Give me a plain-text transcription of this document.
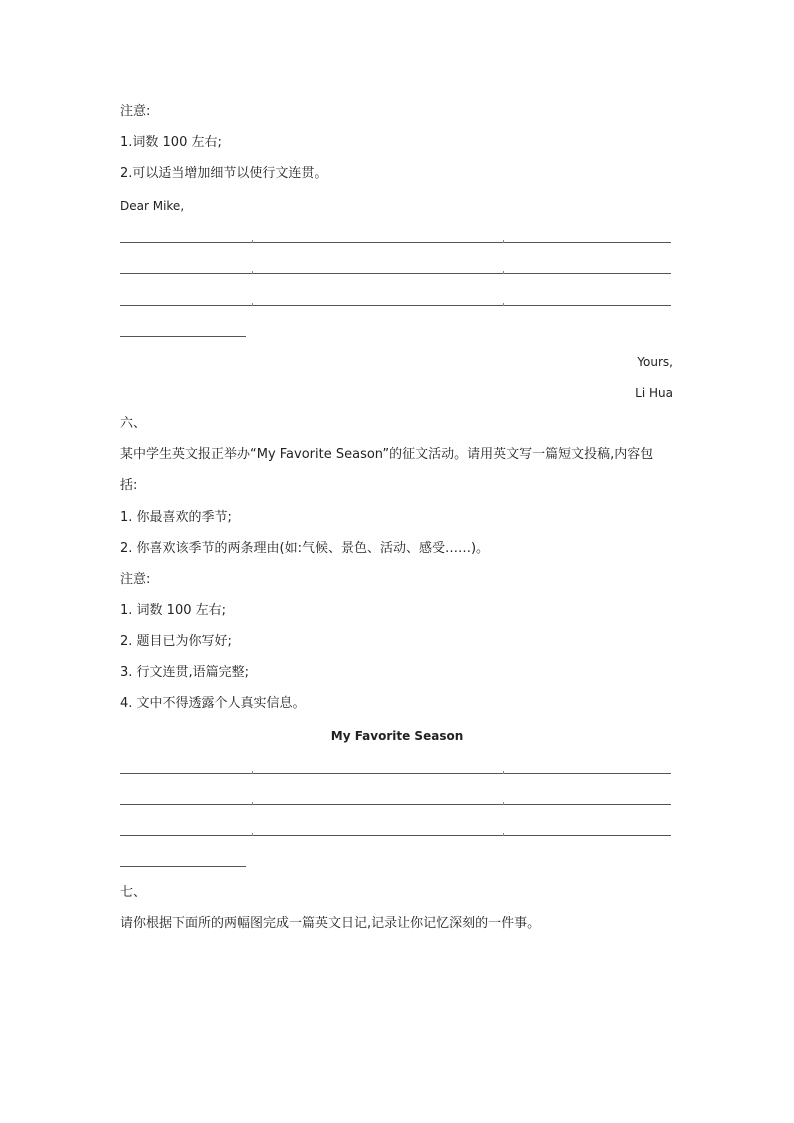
注意:
1.词数 100 左右;
2.可以适当增加细节以使行文连贯。
Dear Mike,
Yours,
Li Hua
六、
某中学生英文报正举办“My Favorite Season”的征文活动。请用英文写一篇短文投稿,内容包
括:
1. 你最喜欢的季节;
2. 你喜欢该季节的两条理由(如:气候、景色、活动、感受……)。
注意:
1. 词数 100 左右;
2. 题目已为你写好;
3. 行文连贯,语篇完整;
4. 文中不得透露个人真实信息。
My Favorite Season
七、
请你根据下面所的两幅图完成一篇英文日记,记录让你记忆深刻的一件事。
